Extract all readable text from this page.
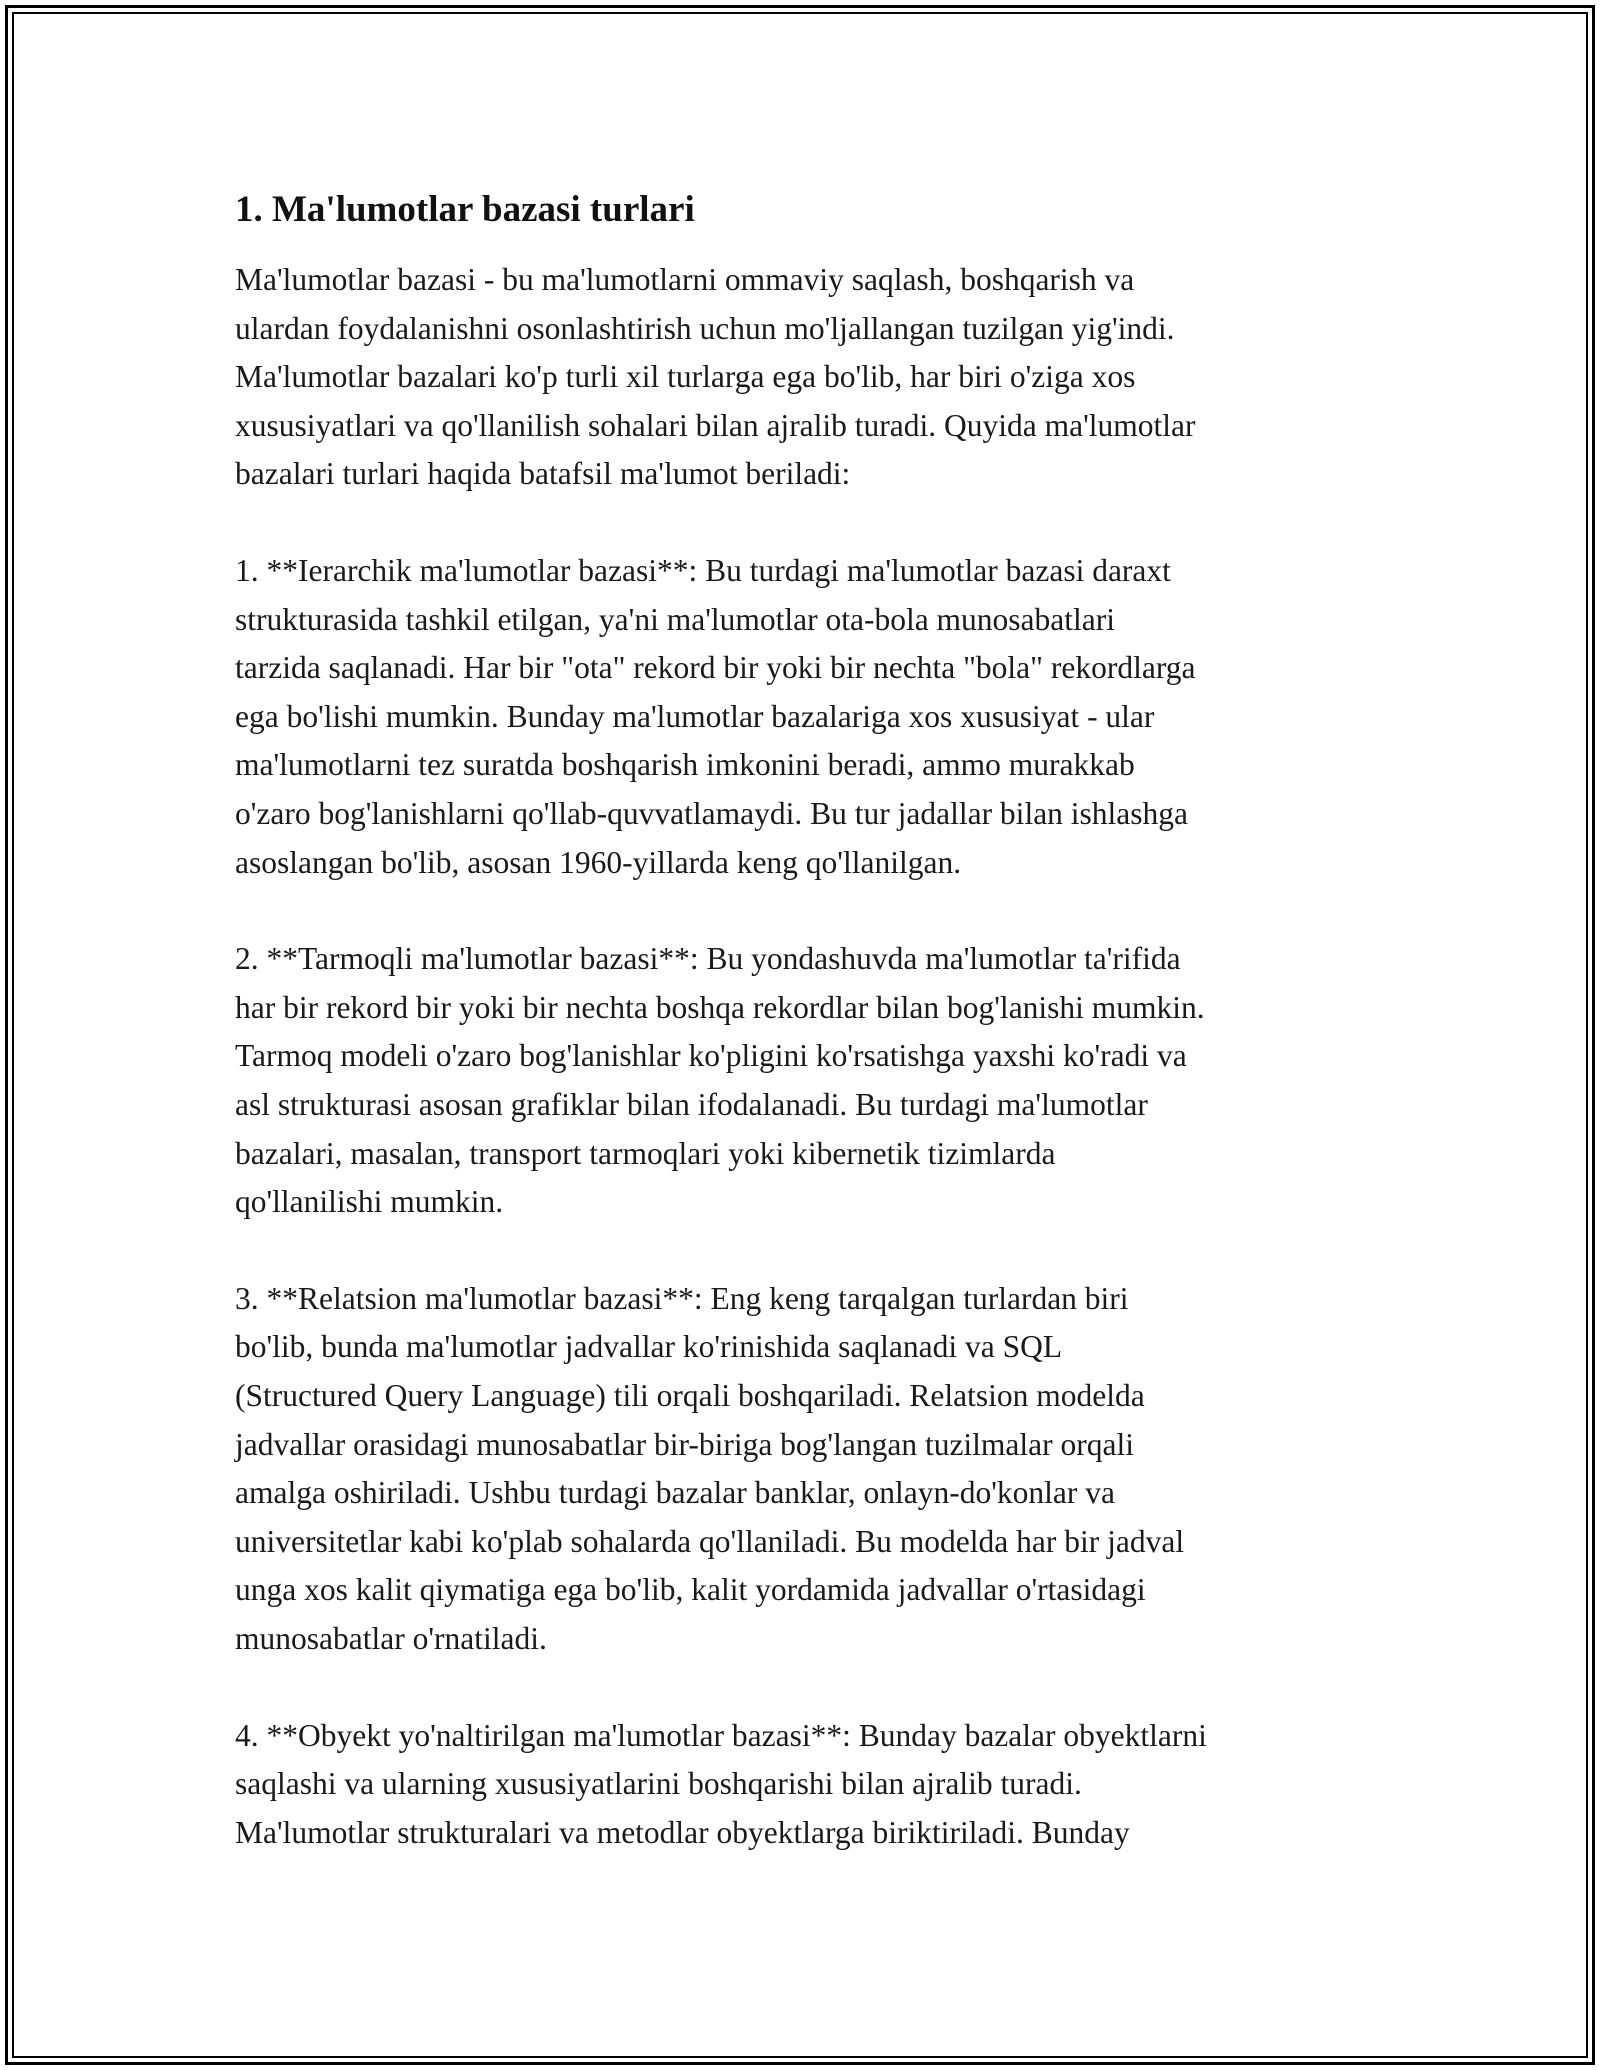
1. Ma'lumotlar bazasi turlari

Ma'lumotlar bazasi - bu ma'lumotlarni ommaviy saqlash, boshqarish va
ulardan foydalanishni osonlashtirish uchun mo'ljallangan tuzilgan yig'indi.
Ma'lumotlar bazalari ko'p turli xil turlarga ega bo'lib, har biri o'ziga xos
xususiyatlari va qo'llanilish sohalari bilan ajralib turadi. Quyida ma'lumotlar
bazalari turlari haqida batafsil ma'lumot beriladi:

1. **Ierarchik ma'lumotlar bazasi**: Bu turdagi ma'lumotlar bazasi daraxt
strukturasida tashkil etilgan, ya'ni ma'lumotlar ota-bola munosabatlari
tarzida saqlanadi. Har bir "ota" rekord bir yoki bir nechta "bola" rekordlarga
ega bo'lishi mumkin. Bunday ma'lumotlar bazalariga xos xususiyat - ular
ma'lumotlarni tez suratda boshqarish imkonini beradi, ammo murakkab
o'zaro bog'lanishlarni qo'llab-quvvatlamaydi. Bu tur jadallar bilan ishlashga
asoslangan bo'lib, asosan 1960-yillarda keng qo'llanilgan.

2. **Tarmoqli ma'lumotlar bazasi**: Bu yondashuvda ma'lumotlar ta'rifida
har bir rekord bir yoki bir nechta boshqa rekordlar bilan bog'lanishi mumkin.
Tarmoq modeli o'zaro bog'lanishlar ko'pligini ko'rsatishga yaxshi ko'radi va
asl strukturasi asosan grafiklar bilan ifodalanadi. Bu turdagi ma'lumotlar
bazalari, masalan, transport tarmoqlari yoki kibernetik tizimlarda
qo'llanilishi mumkin.

3. **Relatsion ma'lumotlar bazasi**: Eng keng tarqalgan turlardan biri
bo'lib, bunda ma'lumotlar jadvallar ko'rinishida saqlanadi va SQL
(Structured Query Language) tili orqali boshqariladi. Relatsion modelda
jadvallar orasidagi munosabatlar bir-biriga bog'langan tuzilmalar orqali
amalga oshiriladi. Ushbu turdagi bazalar banklar, onlayn-do'konlar va
universitetlar kabi ko'plab sohalarda qo'llaniladi. Bu modelda har bir jadval
unga xos kalit qiymatiga ega bo'lib, kalit yordamida jadvallar o'rtasidagi
munosabatlar o'rnatiladi.

4. **Obyekt yo'naltirilgan ma'lumotlar bazasi**: Bunday bazalar obyektlarni
saqlashi va ularning xususiyatlarini boshqarishi bilan ajralib turadi.
Ma'lumotlar strukturalari va metodlar obyektlarga biriktiriladi. Bunday
